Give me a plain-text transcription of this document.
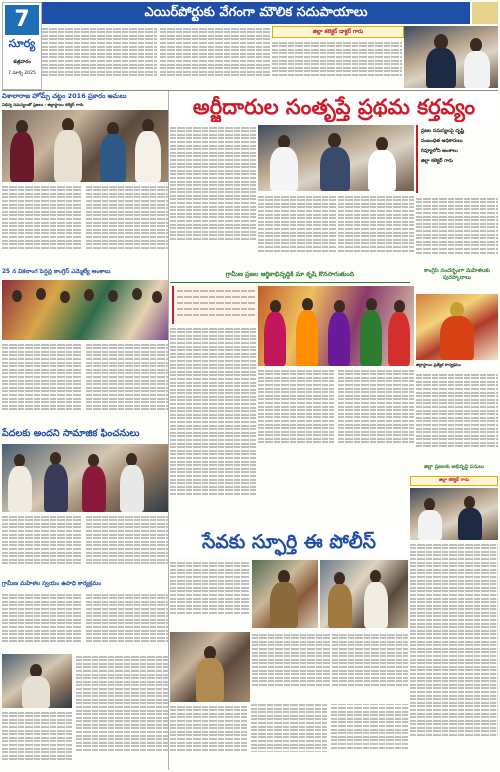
7
సూర్య
శుక్రవారం
7 మార్చి 2025
ఎయిర్‌పోర్టుకు వేగంగా మౌలిక సదుపాయాలు
జిల్లా కలెక్టర్ డాక్టర్ గారు
విశాలారాజ హోమ్స్ చట్టం 2016 ప్రకారం అమలు
విభిన్న సమస్యలతో ప్రజలు - జిల్లాస్థాయి కలెక్టర్ గారు	అర్జీదారుల సంతృప్తే ప్రథమ కర్తవ్యం
ప్రజల సమస్యలపై దృష్టి
సంబంధిత అధికారులు
రివ్యూలోని అంశాలు
జిల్లా కలెక్టర్ గారు
25 న వికలాంగ పెన్షన్ల కాంగ్రెస్ ఎమ్మెల్యే అంశాలు	గ్రామీణ ప్రజల ఆర్థికాభివృద్ధికి మా కృషి కొనసాగుతుంది	కాంగ్రెస్ సందర్భంగా మహిళలకు పురస్కారాలు
జిల్లాస్థాయి ప్రత్యేక కార్యక్రమం
పేదలకు అందని సామాజిక ఫించనులు
సేవకు స్ఫూర్తి ఈ పోలీస్
గ్రామీణ మహిళల స్వయం ఉపాధి కార్యక్రమం
జిల్లా ప్రజలకు అభివృద్ధి పనులు
జిల్లా కలెక్టర్ గారు
